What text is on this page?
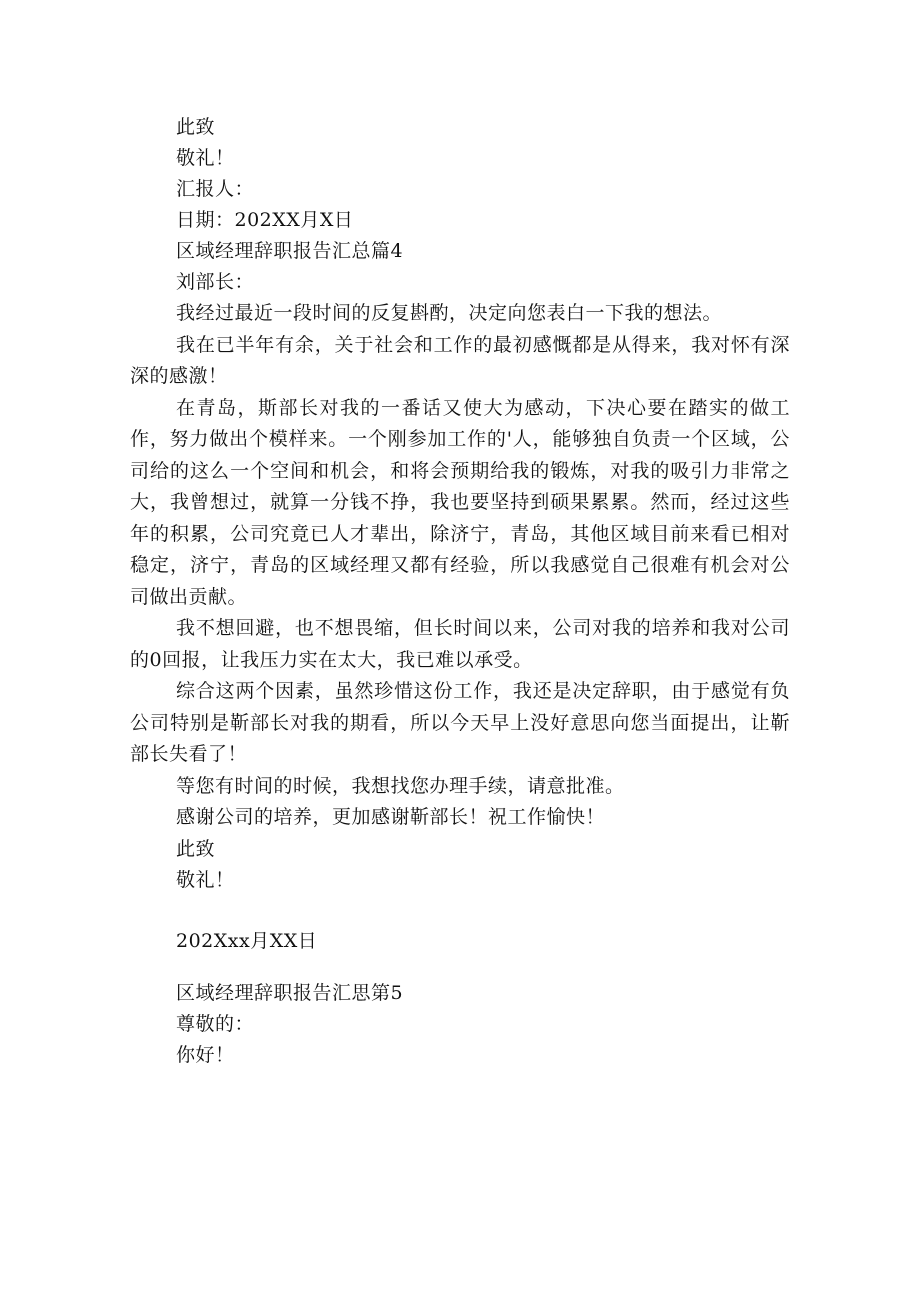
此致

敬礼！

汇报人：

日期：202XX月X日

区域经理辞职报告汇总篇4

刘部长：

我经过最近一段时间的反复斟酌，决定向您表白一下我的想法。

我在已半年有余，关于社会和工作的最初感慨都是从得来，我对怀有深深的感激！

在青岛，斯部长对我的一番话又使大为感动，下决心要在踏实的做工作，努力做出个模样来。一个刚参加工作的'人，能够独自负责一个区域，公司给的这么一个空间和机会，和将会预期给我的锻炼，对我的吸引力非常之大，我曾想过，就算一分钱不挣，我也要坚持到硕果累累。然而，经过这些年的积累，公司究竟已人才辈出，除济宁，青岛，其他区域目前来看已相对稳定，济宁，青岛的区域经理又都有经验，所以我感觉自己很难有机会对公司做出贡献。

我不想回避，也不想畏缩，但长时间以来，公司对我的培养和我对公司的0回报，让我压力实在太大，我已难以承受。

综合这两个因素，虽然珍惜这份工作，我还是决定辞职，由于感觉有负公司特别是靳部长对我的期看，所以今天早上没好意思向您当面提出，让靳部长失看了！

等您有时间的时候，我想找您办理手续，请意批准。

感谢公司的培养，更加感谢靳部长！祝工作愉快！

此致

敬礼！

202Xxx月XX日

区域经理辞职报告汇思第5

尊敬的：

你好！
